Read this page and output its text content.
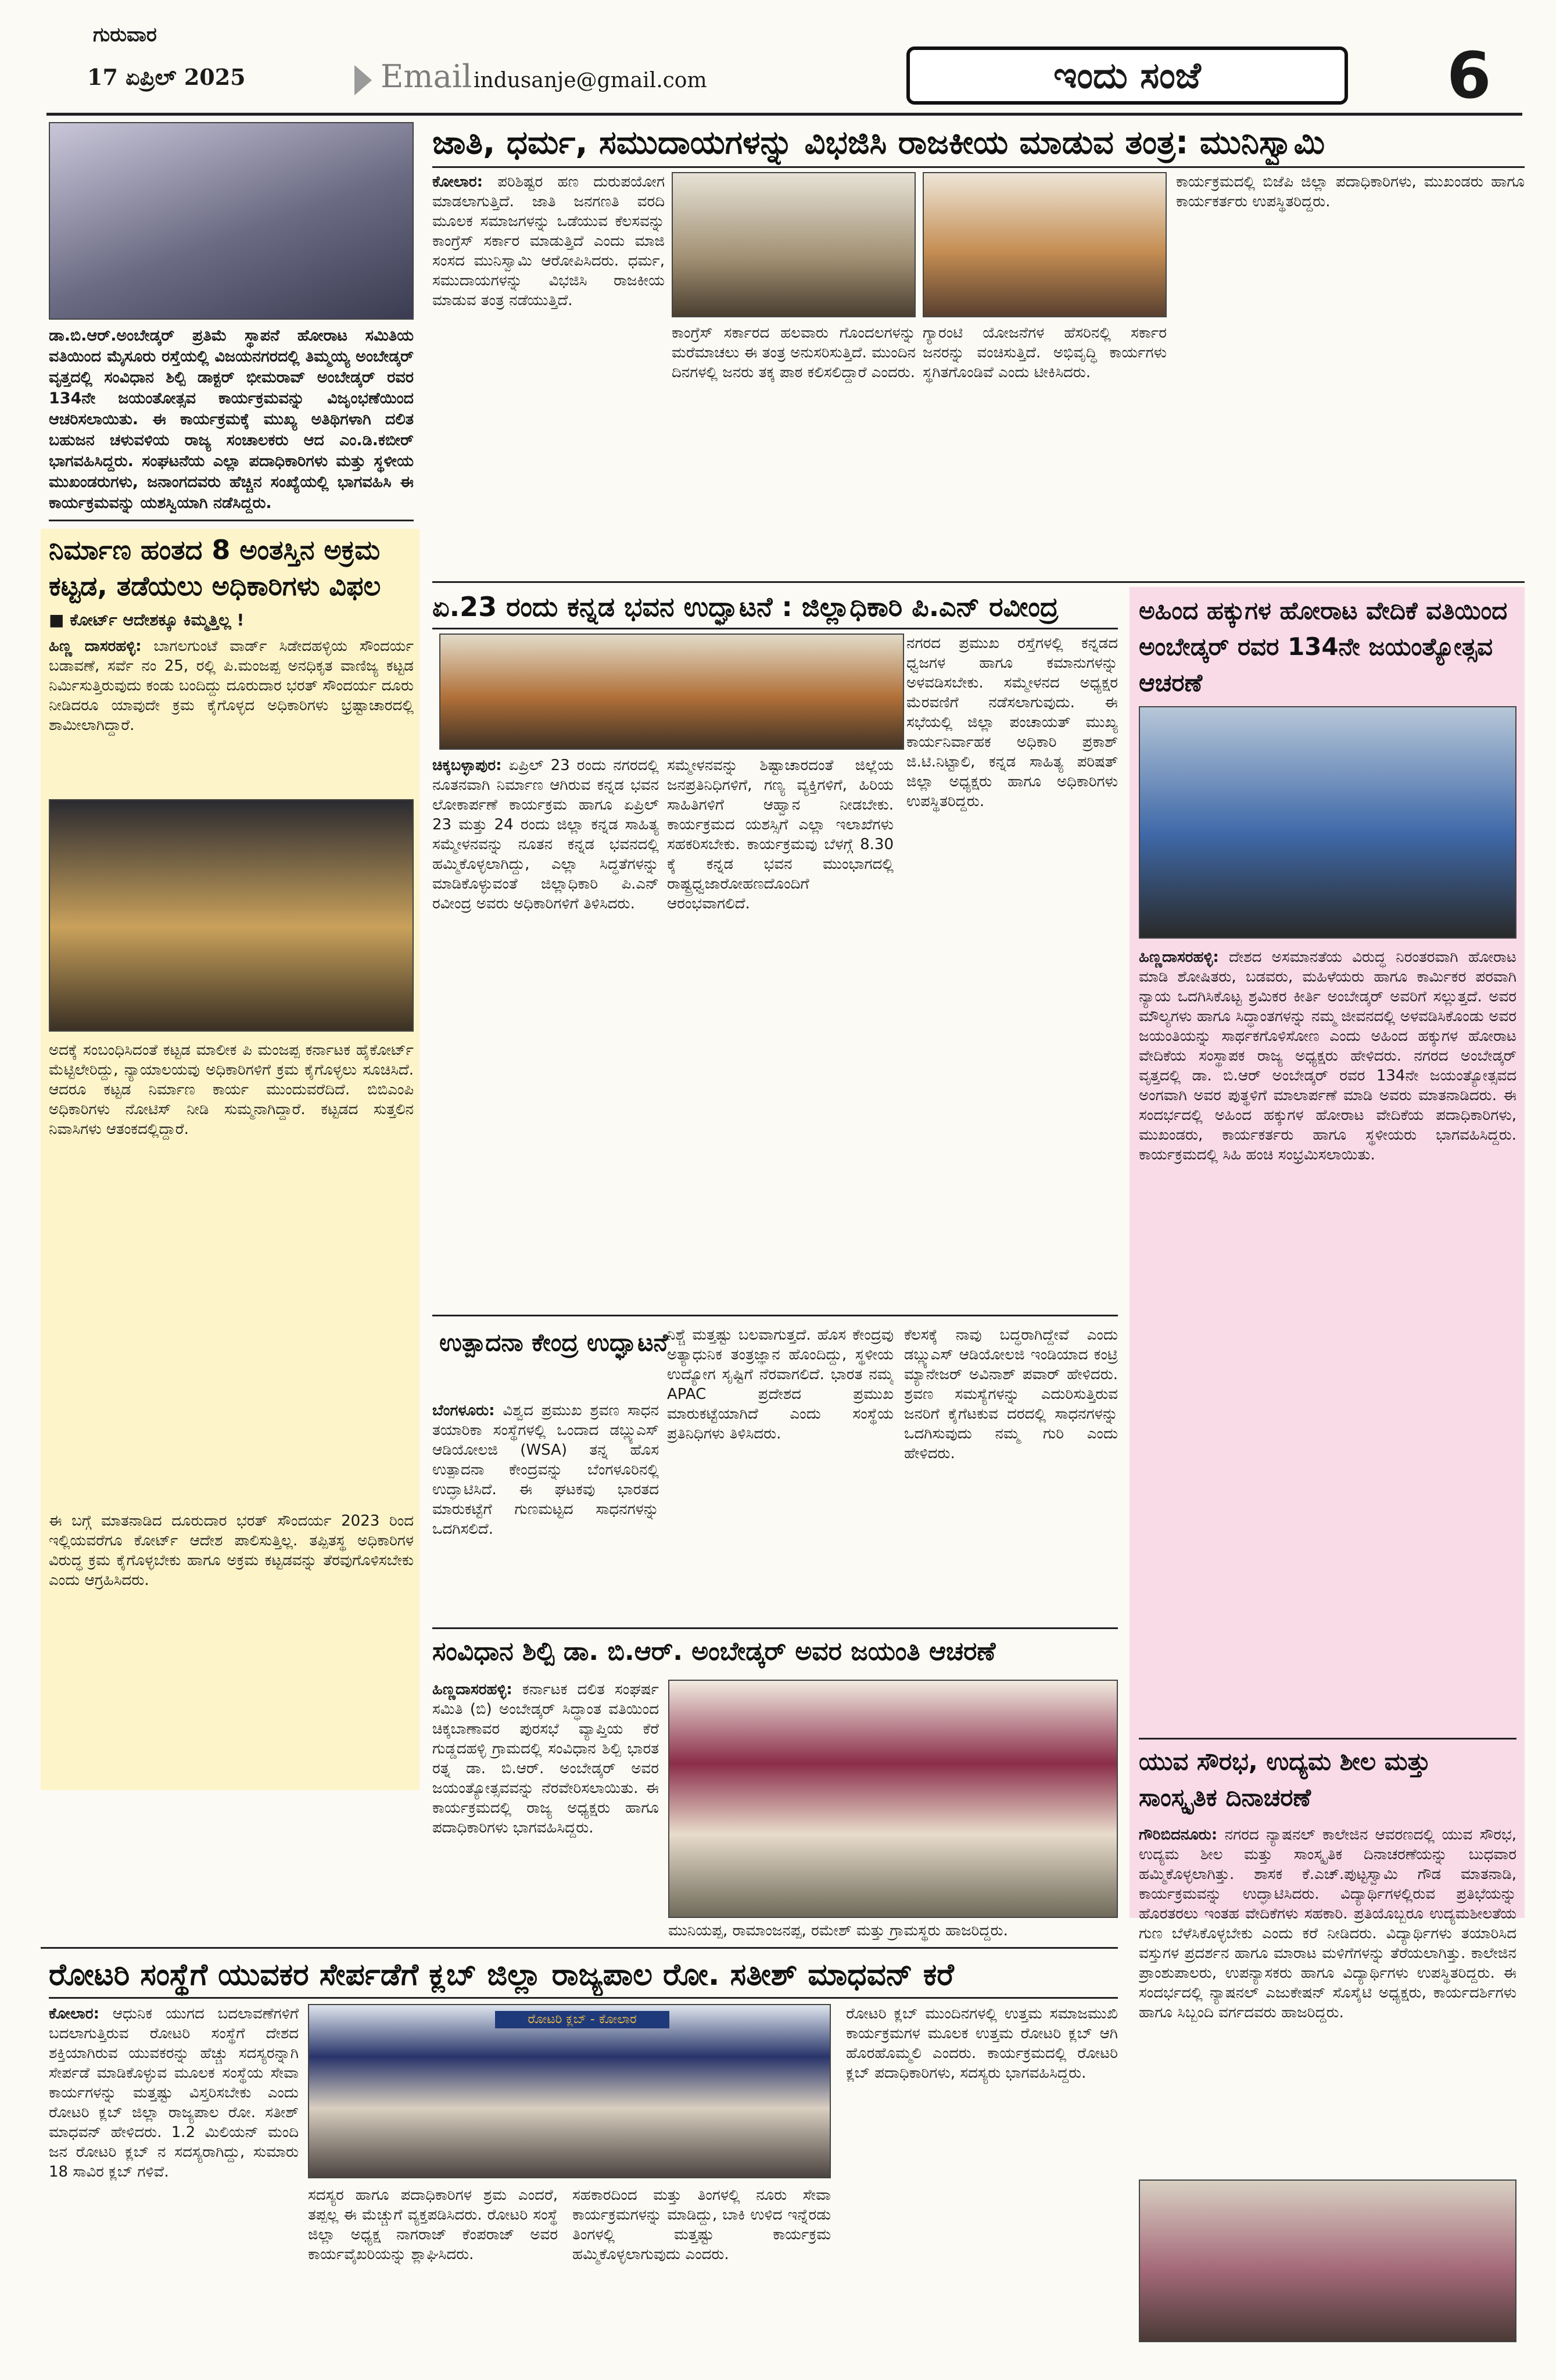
ಗುರುವಾರ
17 ಏಪ್ರಿಲ್ 2025	Email indusanje@gmail.com	ಇಂದು ಸಂಜೆ	6
ಡಾ.ಬಿ.ಆರ್.ಅಂಬೇಡ್ಕರ್ ಪ್ರತಿಮೆ ಸ್ಥಾಪನೆ ಹೋರಾಟ ಸಮಿತಿಯ ವತಿಯಿಂದ ಮೈಸೂರು ರಸ್ತೆಯಲ್ಲಿ ವಿಜಯನಗರದಲ್ಲಿ ತಿಮ್ಮಯ್ಯ ಅಂಬೇಡ್ಕರ್ ವೃತ್ತದಲ್ಲಿ ಸಂವಿಧಾನ ಶಿಲ್ಪಿ ಡಾಕ್ಟರ್ ಭೀಮರಾವ್ ಅಂಬೇಡ್ಕರ್ ರವರ 134ನೇ ಜಯಂತೋತ್ಸವ ಕಾರ್ಯಕ್ರಮವನ್ನು ವಿಜೃಂಭಣೆಯಿಂದ ಆಚರಿಸಲಾಯಿತು. ಈ ಕಾರ್ಯಕ್ರಮಕ್ಕೆ ಮುಖ್ಯ ಅತಿಥಿಗಳಾಗಿ ದಲಿತ ಬಹುಜನ ಚಳುವಳಿಯ ರಾಜ್ಯ ಸಂಚಾಲಕರು ಆದ ಎಂ.ಡಿ.ಕಬೀರ್ ಭಾಗವಹಿಸಿದ್ದರು. ಸಂಘಟನೆಯ ಎಲ್ಲಾ ಪದಾಧಿಕಾರಿಗಳು ಮತ್ತು ಸ್ಥಳೀಯ ಮುಖಂಡರುಗಳು, ಜನಾಂಗದವರು ಹೆಚ್ಚಿನ ಸಂಖ್ಯೆಯಲ್ಲಿ ಭಾಗವಹಿಸಿ ಈ ಕಾರ್ಯಕ್ರಮವನ್ನು ಯಶಸ್ವಿಯಾಗಿ ನಡೆಸಿದ್ದರು.
ಜಾತಿ, ಧರ್ಮ, ಸಮುದಾಯಗಳನ್ನು ವಿಭಜಿಸಿ ರಾಜಕೀಯ ಮಾಡುವ ತಂತ್ರ: ಮುನಿಸ್ವಾಮಿ
ಕೋಲಾರ: ಪರಿಶಿಷ್ಟರ ಹಣ ದುರುಪಯೋಗ ಮಾಡಲಾಗುತ್ತಿದೆ. ಜಾತಿ ಜನಗಣತಿ ವರದಿ ಮೂಲಕ ಸಮಾಜಗಳನ್ನು ಒಡೆಯುವ ಕೆಲಸವನ್ನು ಕಾಂಗ್ರೆಸ್ ಸರ್ಕಾರ ಮಾಡುತ್ತಿದೆ ಎಂದು ಮಾಜಿ ಸಂಸದ ಮುನಿಸ್ವಾಮಿ ಆರೋಪಿಸಿದರು. ಧರ್ಮ, ಸಮುದಾಯಗಳನ್ನು ವಿಭಜಿಸಿ ರಾಜಕೀಯ ಮಾಡುವ ತಂತ್ರ ನಡೆಯುತ್ತಿದೆ.
ಕಾಂಗ್ರೆಸ್ ಸರ್ಕಾರದ ಹಲವಾರು ಗೊಂದಲಗಳನ್ನು ಮರೆಮಾಚಲು ಈ ತಂತ್ರ ಅನುಸರಿಸುತ್ತಿದೆ. ಮುಂದಿನ ದಿನಗಳಲ್ಲಿ ಜನರು ತಕ್ಕ ಪಾಠ ಕಲಿಸಲಿದ್ದಾರೆ ಎಂದರು.
ಗ್ಯಾರಂಟಿ ಯೋಜನೆಗಳ ಹೆಸರಿನಲ್ಲಿ ಸರ್ಕಾರ ಜನರನ್ನು ವಂಚಿಸುತ್ತಿದೆ. ಅಭಿವೃದ್ಧಿ ಕಾರ್ಯಗಳು ಸ್ಥಗಿತಗೊಂಡಿವೆ ಎಂದು ಟೀಕಿಸಿದರು.
ಕಾರ್ಯಕ್ರಮದಲ್ಲಿ ಬಿಜೆಪಿ ಜಿಲ್ಲಾ ಪದಾಧಿಕಾರಿಗಳು, ಮುಖಂಡರು ಹಾಗೂ ಕಾರ್ಯಕರ್ತರು ಉಪಸ್ಥಿತರಿದ್ದರು.
ನಿರ್ಮಾಣ ಹಂತದ 8 ಅಂತಸ್ತಿನ ಅಕ್ರಮ ಕಟ್ಟಡ, ತಡೆಯಲು ಅಧಿಕಾರಿಗಳು ವಿಫಲ
■ ಕೋರ್ಟ್ ಆದೇಶಕ್ಕೂ ಕಿಮ್ಮತ್ತಿಲ್ಲ !
ಹಿಣ್ಣ ದಾಸರಹಳ್ಳಿ: ಬಾಗಲಗುಂಟೆ ವಾರ್ಡ್ ಸಿಡೇದಹಳ್ಳಿಯ ಸೌಂದರ್ಯ ಬಡಾವಣೆ, ಸರ್ವೆ ನಂ 25, ರಲ್ಲಿ ಪಿ.ಮಂಜಪ್ಪ ಅನಧಿಕೃತ ವಾಣಿಜ್ಯ ಕಟ್ಟಡ ನಿರ್ಮಿಸುತ್ತಿರುವುದು ಕಂಡು ಬಂದಿದ್ದು ದೂರುದಾರ ಭರತ್ ಸೌಂದರ್ಯ ದೂರು ನೀಡಿದರೂ ಯಾವುದೇ ಕ್ರಮ ಕೈಗೊಳ್ಳದ ಅಧಿಕಾರಿಗಳು ಭ್ರಷ್ಟಾಚಾರದಲ್ಲಿ ಶಾಮೀಲಾಗಿದ್ದಾರೆ.
ಅದಕ್ಕೆ ಸಂಬಂಧಿಸಿದಂತೆ ಕಟ್ಟಡ ಮಾಲೀಕ ಪಿ ಮಂಜಪ್ಪ ಕರ್ನಾಟಕ ಹೈಕೋರ್ಟ್ ಮೆಟ್ಟಿಲೇರಿದ್ದು, ನ್ಯಾಯಾಲಯವು ಅಧಿಕಾರಿಗಳಿಗೆ ಕ್ರಮ ಕೈಗೊಳ್ಳಲು ಸೂಚಿಸಿದೆ. ಆದರೂ ಕಟ್ಟಡ ನಿರ್ಮಾಣ ಕಾರ್ಯ ಮುಂದುವರೆದಿದೆ. ಬಿಬಿಎಂಪಿ ಅಧಿಕಾರಿಗಳು ನೋಟಿಸ್ ನೀಡಿ ಸುಮ್ಮನಾಗಿದ್ದಾರೆ. ಕಟ್ಟಡದ ಸುತ್ತಲಿನ ನಿವಾಸಿಗಳು ಆತಂಕದಲ್ಲಿದ್ದಾರೆ.
ಈ ಬಗ್ಗೆ ಮಾತನಾಡಿದ ದೂರುದಾರ ಭರತ್ ಸೌಂದರ್ಯ 2023 ರಿಂದ ಇಲ್ಲಿಯವರೆಗೂ ಕೋರ್ಟ್ ಆದೇಶ ಪಾಲಿಸುತ್ತಿಲ್ಲ. ತಪ್ಪಿತಸ್ಥ ಅಧಿಕಾರಿಗಳ ವಿರುದ್ಧ ಕ್ರಮ ಕೈಗೊಳ್ಳಬೇಕು ಹಾಗೂ ಅಕ್ರಮ ಕಟ್ಟಡವನ್ನು ತೆರವುಗೊಳಿಸಬೇಕು ಎಂದು ಆಗ್ರಹಿಸಿದರು.
ಏ.23 ರಂದು ಕನ್ನಡ ಭವನ ಉದ್ಘಾಟನೆ : ಜಿಲ್ಲಾಧಿಕಾರಿ ಪಿ.ಎನ್ ರವೀಂದ್ರ
ಚಿಕ್ಕಬಳ್ಳಾಪುರ: ಏಪ್ರಿಲ್ 23 ರಂದು ನಗರದಲ್ಲಿ ನೂತನವಾಗಿ ನಿರ್ಮಾಣ ಆಗಿರುವ ಕನ್ನಡ ಭವನ ಲೋಕಾರ್ಪಣೆ ಕಾರ್ಯಕ್ರಮ ಹಾಗೂ ಏಪ್ರಿಲ್ 23 ಮತ್ತು 24 ರಂದು ಜಿಲ್ಲಾ ಕನ್ನಡ ಸಾಹಿತ್ಯ ಸಮ್ಮೇಳನವನ್ನು ನೂತನ ಕನ್ನಡ ಭವನದಲ್ಲಿ ಹಮ್ಮಿಕೊಳ್ಳಲಾಗಿದ್ದು, ಎಲ್ಲಾ ಸಿದ್ಧತೆಗಳನ್ನು ಮಾಡಿಕೊಳ್ಳುವಂತೆ ಜಿಲ್ಲಾಧಿಕಾರಿ ಪಿ.ಎನ್ ರವೀಂದ್ರ ಅವರು ಅಧಿಕಾರಿಗಳಿಗೆ ತಿಳಿಸಿದರು.
ಸಮ್ಮೇಳನವನ್ನು ಶಿಷ್ಟಾಚಾರದಂತೆ ಜಿಲ್ಲೆಯ ಜನಪ್ರತಿನಿಧಿಗಳಿಗೆ, ಗಣ್ಯ ವ್ಯಕ್ತಿಗಳಿಗೆ, ಹಿರಿಯ ಸಾಹಿತಿಗಳಿಗೆ ಆಹ್ವಾನ ನೀಡಬೇಕು. ಕಾರ್ಯಕ್ರಮದ ಯಶಸ್ಸಿಗೆ ಎಲ್ಲಾ ಇಲಾಖೆಗಳು ಸಹಕರಿಸಬೇಕು. ಕಾರ್ಯಕ್ರಮವು ಬೆಳಗ್ಗೆ 8.30 ಕ್ಕೆ ಕನ್ನಡ ಭವನ ಮುಂಭಾಗದಲ್ಲಿ ರಾಷ್ಟ್ರಧ್ವಜಾರೋಹಣದೊಂದಿಗೆ ಆರಂಭವಾಗಲಿದೆ.
ನಗರದ ಪ್ರಮುಖ ರಸ್ತೆಗಳಲ್ಲಿ ಕನ್ನಡದ ಧ್ವಜಗಳ ಹಾಗೂ ಕಮಾನುಗಳನ್ನು ಅಳವಡಿಸಬೇಕು. ಸಮ್ಮೇಳನದ ಅಧ್ಯಕ್ಷರ ಮೆರವಣಿಗೆ ನಡೆಸಲಾಗುವುದು. ಈ ಸಭೆಯಲ್ಲಿ ಜಿಲ್ಲಾ ಪಂಚಾಯತ್ ಮುಖ್ಯ ಕಾರ್ಯನಿರ್ವಾಹಕ ಅಧಿಕಾರಿ ಪ್ರಕಾಶ್ ಜಿ.ಟಿ.ನಿಟ್ಟಾಲಿ, ಕನ್ನಡ ಸಾಹಿತ್ಯ ಪರಿಷತ್ ಜಿಲ್ಲಾ ಅಧ್ಯಕ್ಷರು ಹಾಗೂ ಅಧಿಕಾರಿಗಳು ಉಪಸ್ಥಿತರಿದ್ದರು.
ಅಹಿಂದ ಹಕ್ಕುಗಳ ಹೋರಾಟ ವೇದಿಕೆ ವತಿಯಿಂದ ಅಂಬೇಡ್ಕರ್ ರವರ 134ನೇ ಜಯಂತ್ಯೋತ್ಸವ ಆಚರಣೆ
ಹಿಣ್ಣದಾಸರಹಳ್ಳಿ: ದೇಶದ ಅಸಮಾನತೆಯ ವಿರುದ್ಧ ನಿರಂತರವಾಗಿ ಹೋರಾಟ ಮಾಡಿ ಶೋಷಿತರು, ಬಡವರು, ಮಹಿಳೆಯರು ಹಾಗೂ ಕಾರ್ಮಿಕರ ಪರವಾಗಿ ನ್ಯಾಯ ಒದಗಿಸಿಕೊಟ್ಟ ಶ್ರಮಿಕರ ಕೀರ್ತಿ ಅಂಬೇಡ್ಕರ್ ಅವರಿಗೆ ಸಲ್ಲುತ್ತದೆ. ಅವರ ಮೌಲ್ಯಗಳು ಹಾಗೂ ಸಿದ್ಧಾಂತಗಳನ್ನು ನಮ್ಮ ಜೀವನದಲ್ಲಿ ಅಳವಡಿಸಿಕೊಂಡು ಅವರ ಜಯಂತಿಯನ್ನು ಸಾರ್ಥಕಗೊಳಿಸೋಣ ಎಂದು ಅಹಿಂದ ಹಕ್ಕುಗಳ ಹೋರಾಟ ವೇದಿಕೆಯ ಸಂಸ್ಥಾಪಕ ರಾಜ್ಯ ಅಧ್ಯಕ್ಷರು ಹೇಳಿದರು. ನಗರದ ಅಂಬೇಡ್ಕರ್ ವೃತ್ತದಲ್ಲಿ ಡಾ. ಬಿ.ಆರ್ ಅಂಬೇಡ್ಕರ್ ರವರ 134ನೇ ಜಯಂತ್ಯೋತ್ಸವದ ಅಂಗವಾಗಿ ಅವರ ಪುತ್ಥಳಿಗೆ ಮಾಲಾರ್ಪಣೆ ಮಾಡಿ ಅವರು ಮಾತನಾಡಿದರು. ಈ ಸಂದರ್ಭದಲ್ಲಿ ಅಹಿಂದ ಹಕ್ಕುಗಳ ಹೋರಾಟ ವೇದಿಕೆಯ ಪದಾಧಿಕಾರಿಗಳು, ಮುಖಂಡರು, ಕಾರ್ಯಕರ್ತರು ಹಾಗೂ ಸ್ಥಳೀಯರು ಭಾಗವಹಿಸಿದ್ದರು. ಕಾರ್ಯಕ್ರಮದಲ್ಲಿ ಸಿಹಿ ಹಂಚಿ ಸಂಭ್ರಮಿಸಲಾಯಿತು.
ಯುವ ಸೌರಭ, ಉದ್ಯಮ ಶೀಲ ಮತ್ತು ಸಾಂಸ್ಕೃತಿಕ ದಿನಾಚರಣೆ
ಗೌರಿಬಿದನೂರು: ನಗರದ ನ್ಯಾಷನಲ್ ಕಾಲೇಜಿನ ಆವರಣದಲ್ಲಿ ಯುವ ಸೌರಭ, ಉದ್ಯಮ ಶೀಲ ಮತ್ತು ಸಾಂಸ್ಕೃತಿಕ ದಿನಾಚರಣೆಯನ್ನು ಬುಧವಾರ ಹಮ್ಮಿಕೊಳ್ಳಲಾಗಿತ್ತು. ಶಾಸಕ ಕೆ.ಎಚ್.ಪುಟ್ಟಸ್ವಾಮಿ ಗೌಡ ಮಾತನಾಡಿ, ಕಾರ್ಯಕ್ರಮವನ್ನು ಉದ್ಘಾಟಿಸಿದರು. ವಿದ್ಯಾರ್ಥಿಗಳಲ್ಲಿರುವ ಪ್ರತಿಭೆಯನ್ನು ಹೊರತರಲು ಇಂತಹ ವೇದಿಕೆಗಳು ಸಹಕಾರಿ. ಪ್ರತಿಯೊಬ್ಬರೂ ಉದ್ಯಮಶೀಲತೆಯ ಗುಣ ಬೆಳೆಸಿಕೊಳ್ಳಬೇಕು ಎಂದು ಕರೆ ನೀಡಿದರು. ವಿದ್ಯಾರ್ಥಿಗಳು ತಯಾರಿಸಿದ ವಸ್ತುಗಳ ಪ್ರದರ್ಶನ ಹಾಗೂ ಮಾರಾಟ ಮಳಿಗೆಗಳನ್ನು ತೆರೆಯಲಾಗಿತ್ತು. ಕಾಲೇಜಿನ ಪ್ರಾಂಶುಪಾಲರು, ಉಪನ್ಯಾಸಕರು ಹಾಗೂ ವಿದ್ಯಾರ್ಥಿಗಳು ಉಪಸ್ಥಿತರಿದ್ದರು. ಈ ಸಂದರ್ಭದಲ್ಲಿ ನ್ಯಾಷನಲ್ ಎಜುಕೇಷನ್ ಸೊಸೈಟಿ ಅಧ್ಯಕ್ಷರು, ಕಾರ್ಯದರ್ಶಿಗಳು ಹಾಗೂ ಸಿಬ್ಬಂದಿ ವರ್ಗದವರು ಹಾಜರಿದ್ದರು.
ಉತ್ಪಾದನಾ ಕೇಂದ್ರ ಉದ್ಘಾಟನೆ
ಬೆಂಗಳೂರು: ವಿಶ್ವದ ಪ್ರಮುಖ ಶ್ರವಣ ಸಾಧನ ತಯಾರಿಕಾ ಸಂಸ್ಥೆಗಳಲ್ಲಿ ಒಂದಾದ ಡಬ್ಲ್ಯುಎಸ್ ಆಡಿಯೋಲಜಿ (WSA) ತನ್ನ ಹೊಸ ಉತ್ಪಾದನಾ ಕೇಂದ್ರವನ್ನು ಬೆಂಗಳೂರಿನಲ್ಲಿ ಉದ್ಘಾಟಿಸಿದೆ. ಈ ಘಟಕವು ಭಾರತದ ಮಾರುಕಟ್ಟೆಗೆ ಗುಣಮಟ್ಟದ ಸಾಧನಗಳನ್ನು ಒದಗಿಸಲಿದೆ.
ನಿಶ್ಚೆ ಮತ್ತಷ್ಟು ಬಲವಾಗುತ್ತದೆ. ಹೊಸ ಕೇಂದ್ರವು ಅತ್ಯಾಧುನಿಕ ತಂತ್ರಜ್ಞಾನ ಹೊಂದಿದ್ದು, ಸ್ಥಳೀಯ ಉದ್ಯೋಗ ಸೃಷ್ಟಿಗೆ ನೆರವಾಗಲಿದೆ. ಭಾರತ ನಮ್ಮ APAC ಪ್ರದೇಶದ ಪ್ರಮುಖ ಮಾರುಕಟ್ಟೆಯಾಗಿದೆ ಎಂದು ಸಂಸ್ಥೆಯ ಪ್ರತಿನಿಧಿಗಳು ತಿಳಿಸಿದರು.
ಕೆಲಸಕ್ಕೆ ನಾವು ಬದ್ಧರಾಗಿದ್ದೇವೆ ಎಂದು ಡಬ್ಲ್ಯುಎಸ್ ಆಡಿಯೋಲಜಿ ಇಂಡಿಯಾದ ಕಂಟ್ರಿ ಮ್ಯಾನೇಜರ್ ಅವಿನಾಶ್ ಪವಾರ್ ಹೇಳಿದರು. ಶ್ರವಣ ಸಮಸ್ಯೆಗಳನ್ನು ಎದುರಿಸುತ್ತಿರುವ ಜನರಿಗೆ ಕೈಗೆಟಕುವ ದರದಲ್ಲಿ ಸಾಧನಗಳನ್ನು ಒದಗಿಸುವುದು ನಮ್ಮ ಗುರಿ ಎಂದು ಹೇಳಿದರು.
ಸಂವಿಧಾನ ಶಿಲ್ಪಿ ಡಾ. ಬಿ.ಆರ್. ಅಂಬೇಡ್ಕರ್ ಅವರ ಜಯಂತಿ ಆಚರಣೆ
ಹಿಣ್ಣದಾಸರಹಳ್ಳಿ: ಕರ್ನಾಟಕ ದಲಿತ ಸಂಘರ್ಷ ಸಮಿತಿ (ಬಿ) ಅಂಬೇಡ್ಕರ್ ಸಿದ್ಧಾಂತ ವತಿಯಿಂದ ಚಿಕ್ಕಬಾಣಾವರ ಪುರಸಭೆ ವ್ಯಾಪ್ತಿಯ ಕೆರೆ ಗುಡ್ಡದಹಳ್ಳಿ ಗ್ರಾಮದಲ್ಲಿ ಸಂವಿಧಾನ ಶಿಲ್ಪಿ ಭಾರತ ರತ್ನ ಡಾ. ಬಿ.ಆರ್. ಅಂಬೇಡ್ಕರ್ ಅವರ ಜಯಂತ್ಯೋತ್ಸವವನ್ನು ನೆರವೇರಿಸಲಾಯಿತು. ಈ ಕಾರ್ಯಕ್ರಮದಲ್ಲಿ ರಾಜ್ಯ ಅಧ್ಯಕ್ಷರು ಹಾಗೂ ಪದಾಧಿಕಾರಿಗಳು ಭಾಗವಹಿಸಿದ್ದರು.
ಮುನಿಯಪ್ಪ, ರಾಮಾಂಜನಪ್ಪ, ರಮೇಶ್ ಮತ್ತು ಗ್ರಾಮಸ್ಥರು ಹಾಜರಿದ್ದರು.
ರೋಟರಿ ಸಂಸ್ಥೆಗೆ ಯುವಕರ ಸೇರ್ಪಡೆಗೆ ಕ್ಲಬ್ ಜಿಲ್ಲಾ ರಾಜ್ಯಪಾಲ ರೋ. ಸತೀಶ್ ಮಾಧವನ್ ಕರೆ
ಕೋಲಾರ: ಆಧುನಿಕ ಯುಗದ ಬದಲಾವಣೆಗಳಿಗೆ ಬದಲಾಗುತ್ತಿರುವ ರೋಟರಿ ಸಂಸ್ಥೆಗೆ ದೇಶದ ಶಕ್ತಿಯಾಗಿರುವ ಯುವಕರನ್ನು ಹೆಚ್ಚು ಸದಸ್ಯರನ್ನಾಗಿ ಸೇರ್ಪಡೆ ಮಾಡಿಕೊಳ್ಳುವ ಮೂಲಕ ಸಂಸ್ಥೆಯ ಸೇವಾ ಕಾರ್ಯಗಳನ್ನು ಮತ್ತಷ್ಟು ವಿಸ್ತರಿಸಬೇಕು ಎಂದು ರೋಟರಿ ಕ್ಲಬ್ ಜಿಲ್ಲಾ ರಾಜ್ಯಪಾಲ ರೋ. ಸತೀಶ್ ಮಾಧವನ್ ಹೇಳಿದರು. 1.2 ಮಿಲಿಯನ್ ಮಂದಿ ಜನ ರೋಟರಿ ಕ್ಲಬ್ ನ ಸದಸ್ಯರಾಗಿದ್ದು, ಸುಮಾರು 18 ಸಾವಿರ ಕ್ಲಬ್ ಗಳಿವೆ.
ರೋಟರಿ ಕ್ಲಬ್ - ಕೋಲಾರ
ಸದಸ್ಯರ ಹಾಗೂ ಪದಾಧಿಕಾರಿಗಳ ಶ್ರಮ ಎಂದರೆ, ತಪ್ಪಲ್ಲ ಈ ಮೆಚ್ಚುಗೆ ವ್ಯಕ್ತಪಡಿಸಿದರು. ರೋಟರಿ ಸಂಸ್ಥೆ ಜಿಲ್ಲಾ ಅಧ್ಯಕ್ಷ ನಾಗರಾಜ್ ಕೆಂಪರಾಜ್ ಅವರ ಕಾರ್ಯವೈಖರಿಯನ್ನು ಶ್ಲಾಘಿಸಿದರು.
ಸಹಕಾರದಿಂದ ಮತ್ತು ತಿಂಗಳಲ್ಲಿ ನೂರು ಸೇವಾ ಕಾರ್ಯಕ್ರಮಗಳನ್ನು ಮಾಡಿದ್ದು, ಬಾಕಿ ಉಳಿದ ಇನ್ನೆರಡು ತಿಂಗಳಲ್ಲಿ ಮತ್ತಷ್ಟು ಕಾರ್ಯಕ್ರಮ ಹಮ್ಮಿಕೊಳ್ಳಲಾಗುವುದು ಎಂದರು.
ರೋಟರಿ ಕ್ಲಬ್ ಮುಂದಿನಗಳಲ್ಲಿ ಉತ್ತಮ ಸಮಾಜಮುಖಿ ಕಾರ್ಯಕ್ರಮಗಳ ಮೂಲಕ ಉತ್ತಮ ರೋಟರಿ ಕ್ಲಬ್ ಆಗಿ ಹೊರಹೊಮ್ಮಲಿ ಎಂದರು. ಕಾರ್ಯಕ್ರಮದಲ್ಲಿ ರೋಟರಿ ಕ್ಲಬ್ ಪದಾಧಿಕಾರಿಗಳು, ಸದಸ್ಯರು ಭಾಗವಹಿಸಿದ್ದರು.
